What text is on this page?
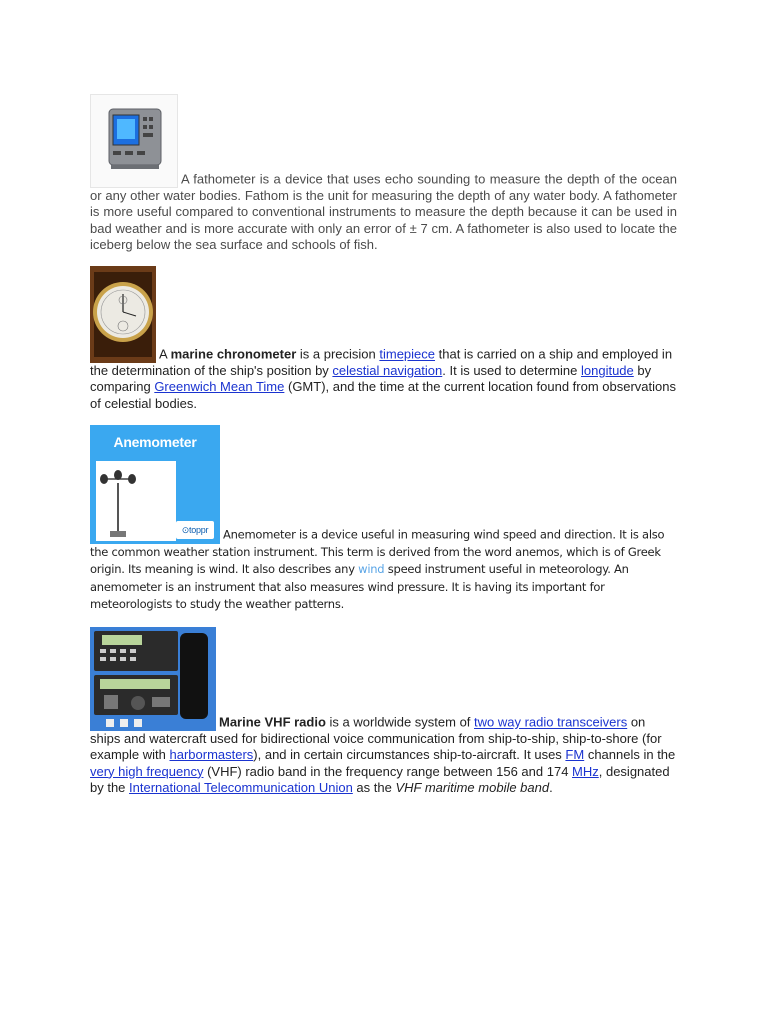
A fathometer is a device that uses echo sounding to measure the depth of the ocean or any other water bodies. Fathom is the unit for measuring the depth of any water body. A fathometer is more useful compared to conventional instruments to measure the depth because it can be used in bad weather and is more accurate with only an error of ± 7 cm. A fathometer is also used to locate the iceberg below the sea surface and schools of fish.

A marine chronometer is a precision timepiece that is carried on a ship and employed in the determination of the ship's position by celestial navigation. It is used to determine longitude by comparing Greenwich Mean Time (GMT), and the time at the current location found from observations of celestial bodies.

Anemometer
⊙toppr	Anemometer is a device useful in measuring wind speed and direction. It is also the common weather station instrument. This term is derived from the word anemos, which is of Greek origin. Its meaning is wind. It also describes any wind speed instrument useful in meteorology. An anemometer is an instrument that also measures wind pressure. It is having its important for meteorologists to study the weather patterns.

Marine VHF radio is a worldwide system of two way radio transceivers on ships and watercraft used for bidirectional voice communication from ship-to-ship, ship-to-shore (for example with harbormasters), and in certain circumstances ship-to-aircraft. It uses FM channels in the very high frequency (VHF) radio band in the frequency range between 156 and 174 MHz, designated by the International Telecommunication Union as the VHF maritime mobile band.
